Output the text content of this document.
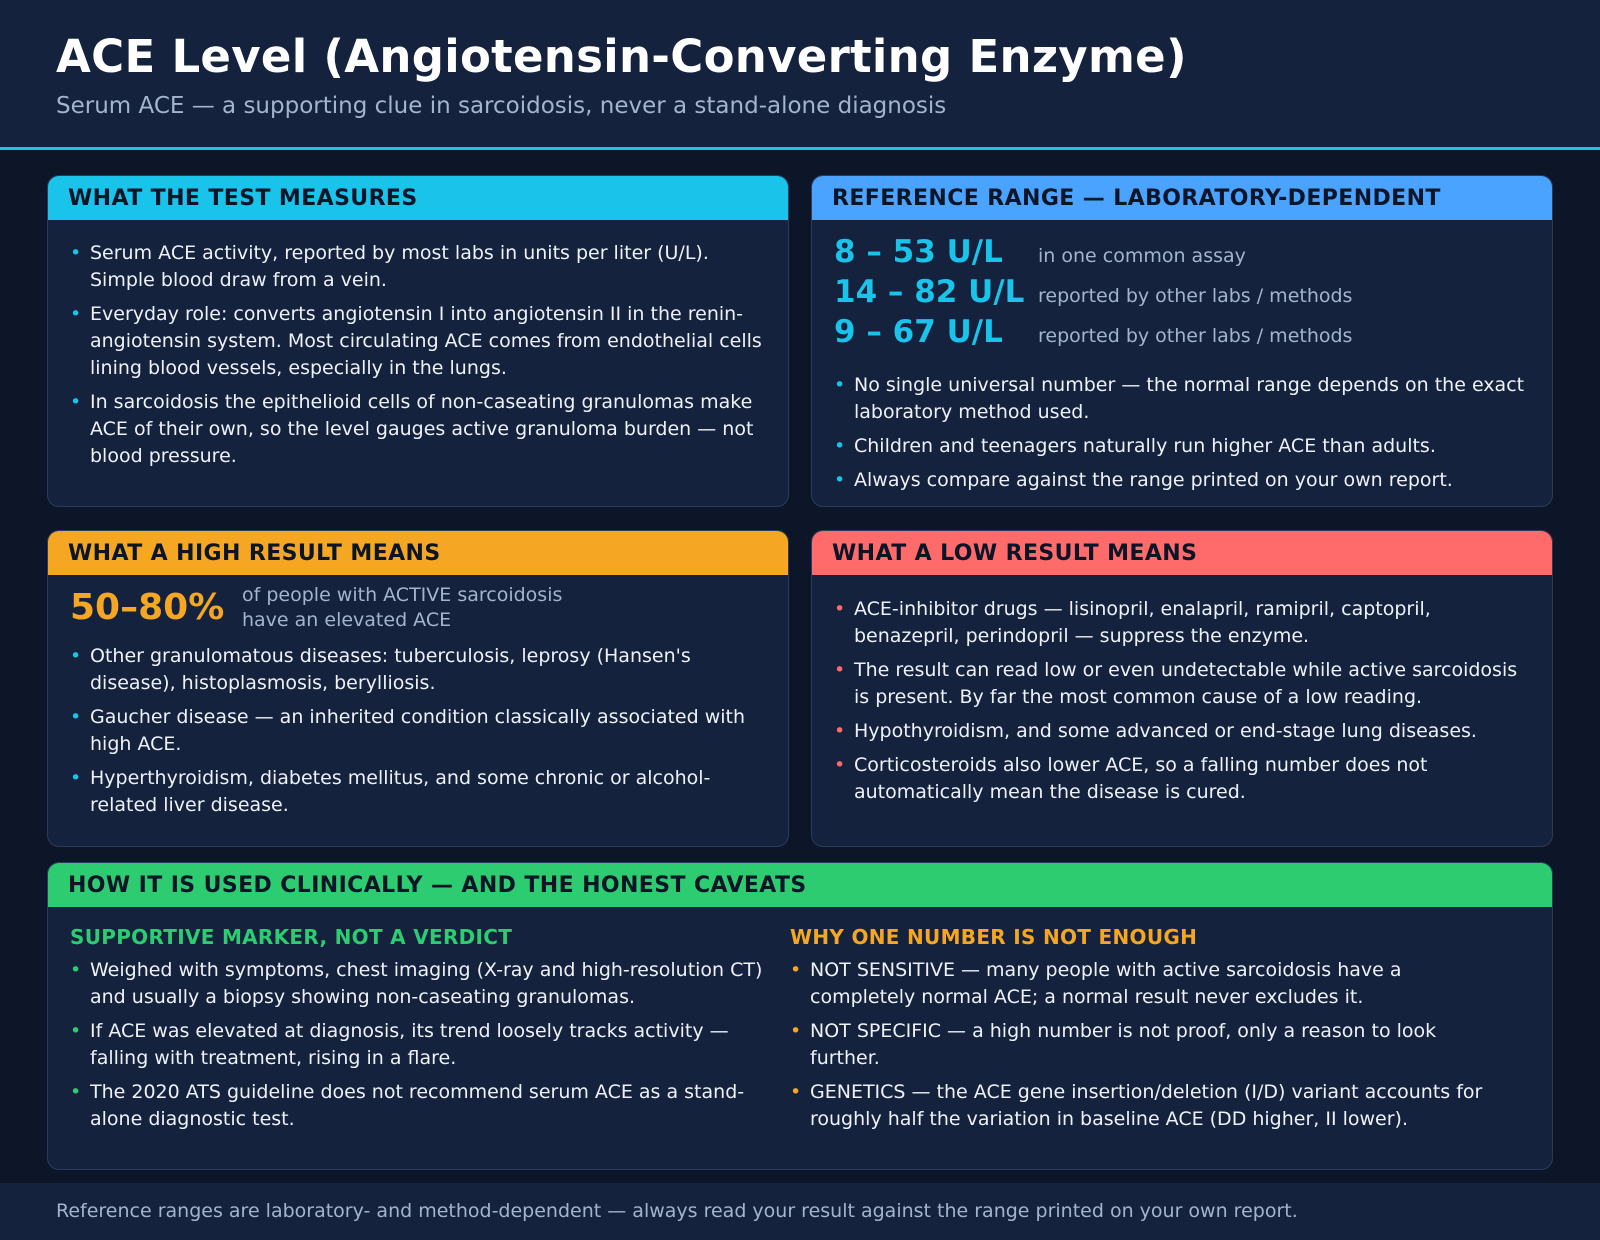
ACE Level (Angiotensin-Converting Enzyme)
Serum ACE — a supporting clue in sarcoidosis, never a stand-alone diagnosis
WHAT THE TEST MEASURES
• Serum ACE activity, reported by most labs in units per liter (U/L). Simple blood draw from a vein.
• Everyday role: converts angiotensin I into angiotensin II in the renin-angiotensin system. Most circulating ACE comes from endothelial cells lining blood vessels, especially in the lungs.
• In sarcoidosis the epithelioid cells of non-caseating granulomas make ACE of their own, so the level gauges active granuloma burden — not blood pressure.
REFERENCE RANGE — LABORATORY-DEPENDENT
8 – 53 U/L	in one common assay
14 – 82 U/L reported by other labs / methods
9 – 67 U/L	reported by other labs / methods
• No single universal number — the normal range depends on the exact laboratory method used.
• Children and teenagers naturally run higher ACE than adults.
• Always compare against the range printed on your own report.
WHAT A HIGH RESULT MEANS
50–80% of people with ACTIVE sarcoidosis
have an elevated ACE
• Other granulomatous diseases: tuberculosis, leprosy (Hansen's disease), histoplasmosis, berylliosis.
• Gaucher disease — an inherited condition classically associated with high ACE.
• Hyperthyroidism, diabetes mellitus, and some chronic or alcohol-related liver disease.
WHAT A LOW RESULT MEANS
• ACE-inhibitor drugs — lisinopril, enalapril, ramipril, captopril, benazepril, perindopril — suppress the enzyme.
• The result can read low or even undetectable while active sarcoidosis is present. By far the most common cause of a low reading.
• Hypothyroidism, and some advanced or end-stage lung diseases.
• Corticosteroids also lower ACE, so a falling number does not automatically mean the disease is cured.
HOW IT IS USED CLINICALLY — AND THE HONEST CAVEATS
SUPPORTIVE MARKER, NOT A VERDICT
• Weighed with symptoms, chest imaging (X-ray and high-resolution CT) and usually a biopsy showing non-caseating granulomas.
• If ACE was elevated at diagnosis, its trend loosely tracks activity — falling with treatment, rising in a flare.
• The 2020 ATS guideline does not recommend serum ACE as a stand-alone diagnostic test.
WHY ONE NUMBER IS NOT ENOUGH
• NOT SENSITIVE — many people with active sarcoidosis have a completely normal ACE; a normal result never excludes it.
• NOT SPECIFIC — a high number is not proof, only a reason to look further.
• GENETICS — the ACE gene insertion/deletion (I/D) variant accounts for roughly half the variation in baseline ACE (DD higher, II lower).
Reference ranges are laboratory- and method-dependent — always read your result against the range printed on your own report.
